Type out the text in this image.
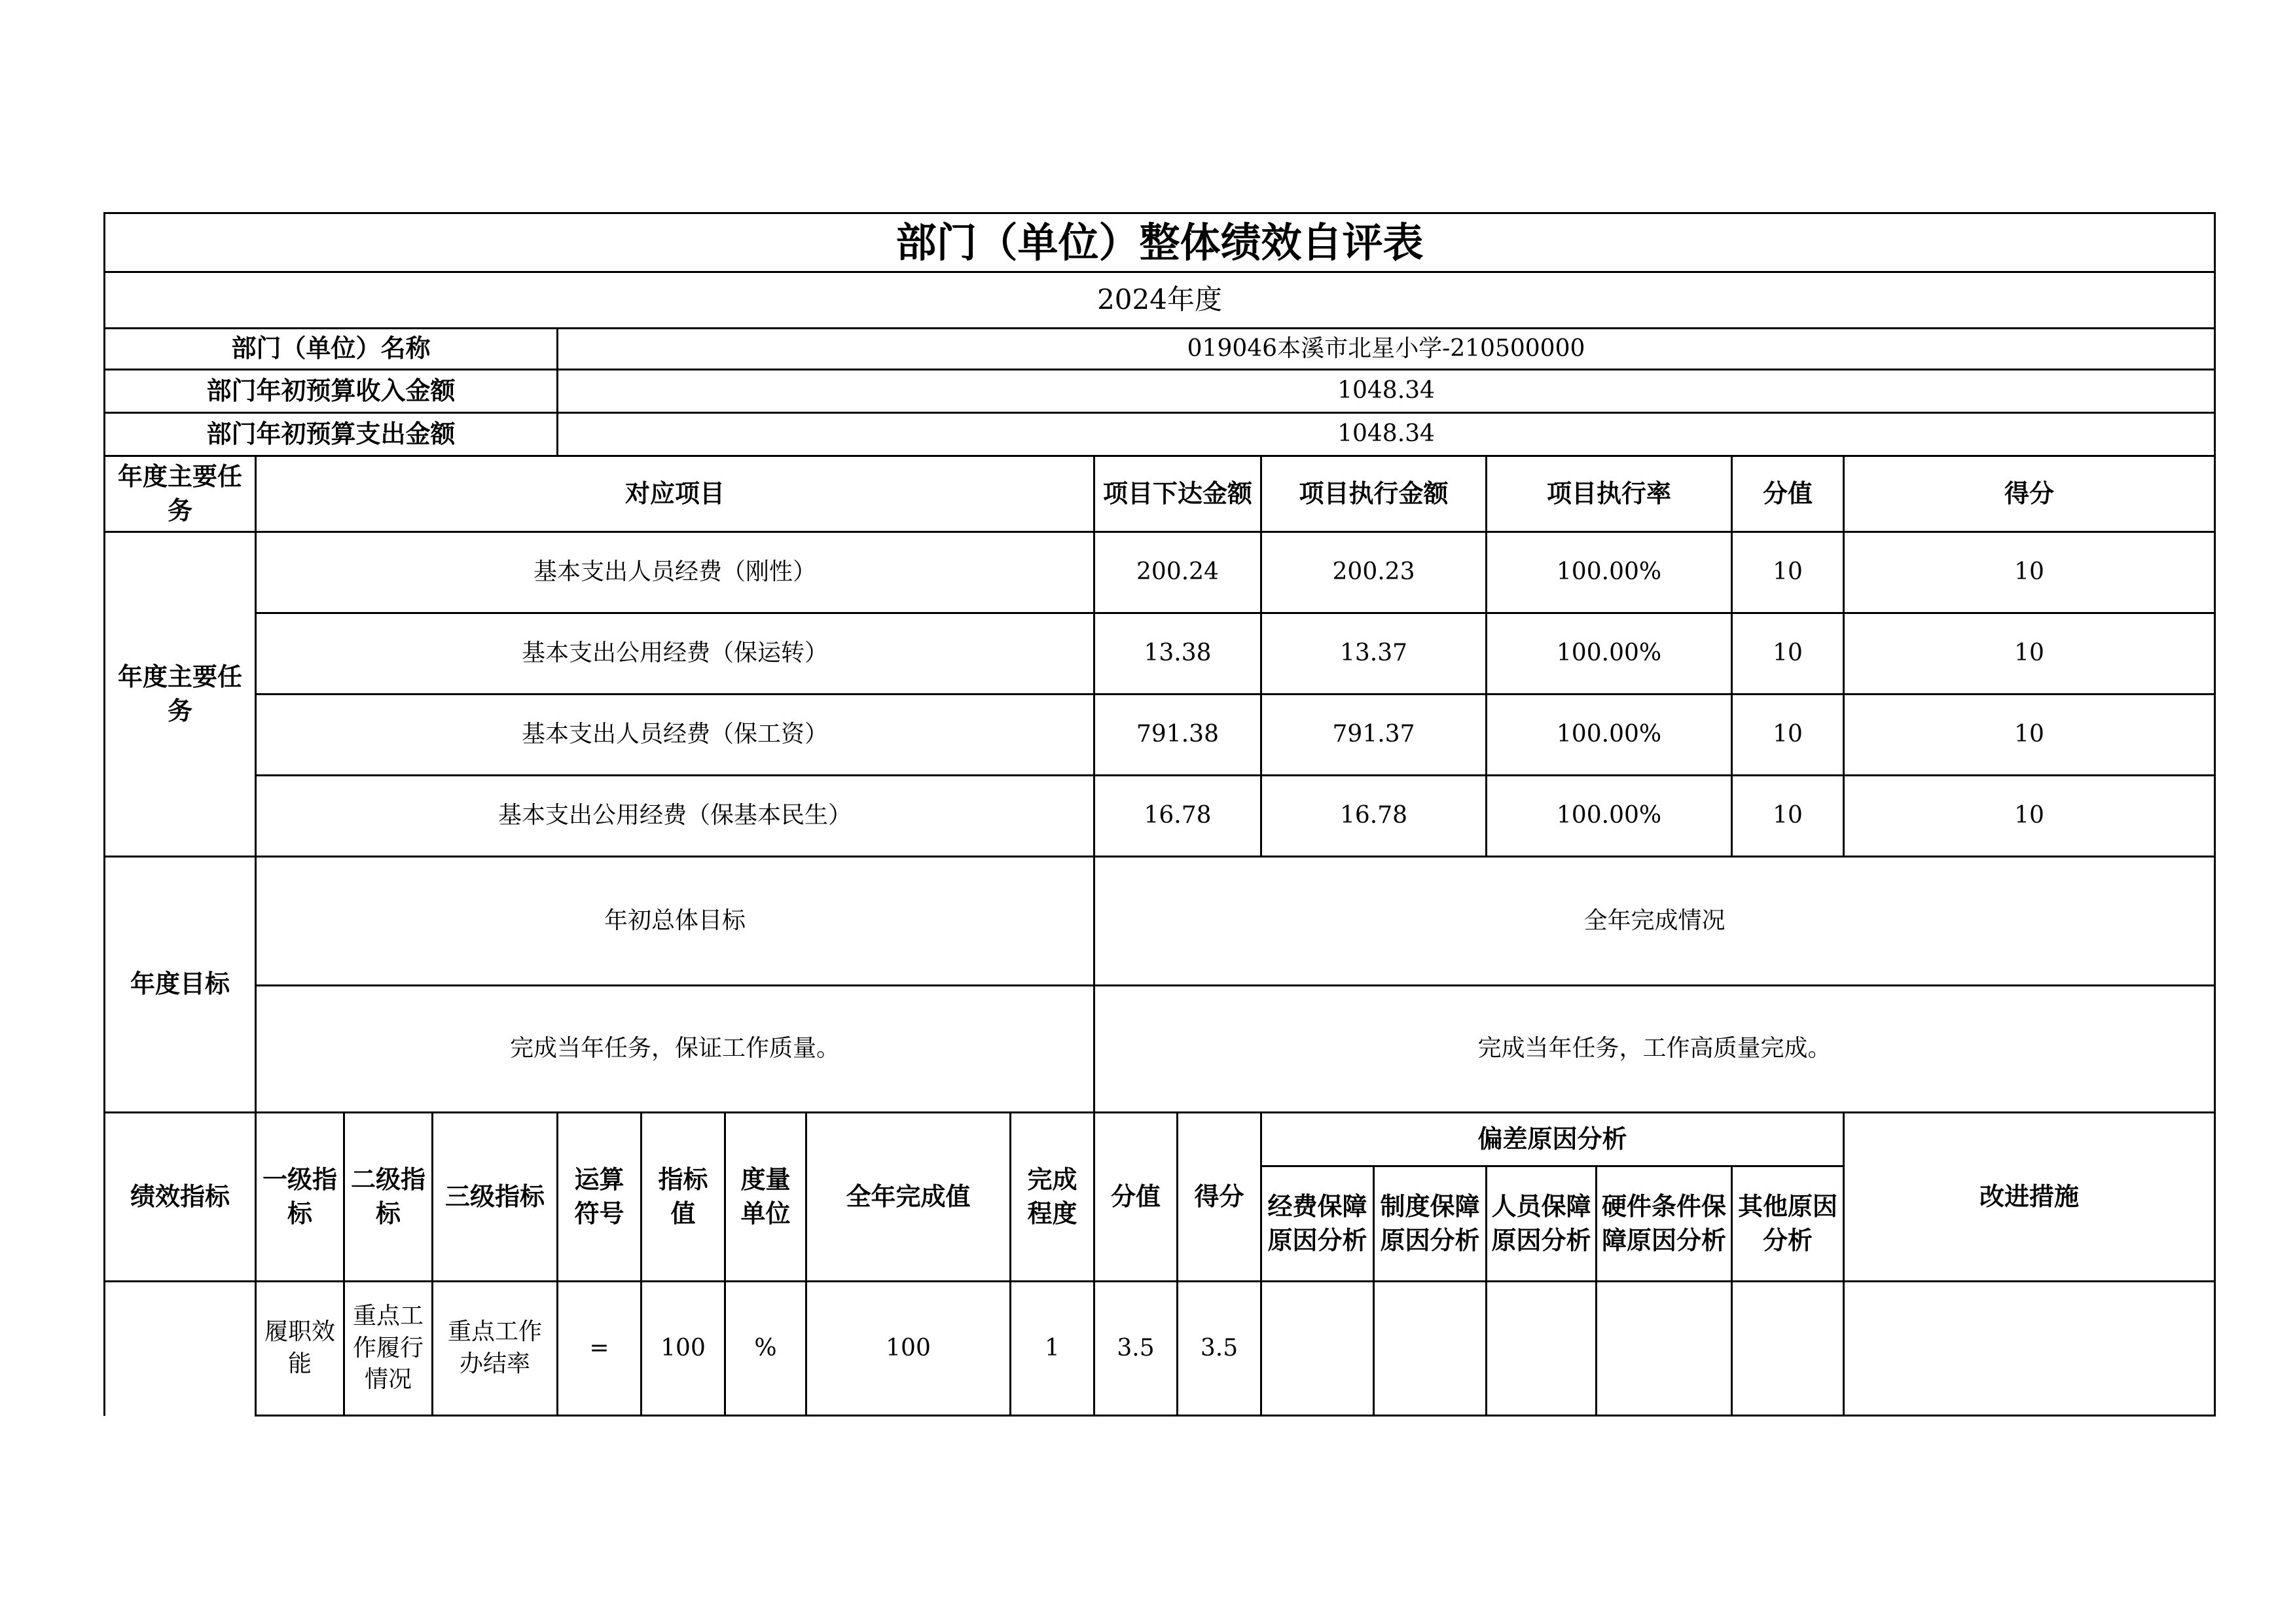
部门（单位）整体绩效自评表																
2024年度																
部门（单位）名称				019046本溪市北星小学-210500000												
部门年初预算收入金额				1048.34												
部门年初预算支出金额				1048.34												
年度主要任务	对应项目								项目下达金额		项目执行金额		项目执行率		分值	得分
年度主要任务	基本支出人员经费（刚性）								200.24		200.23		100.00%		10	10
	基本支出公用经费（保运转）								13.38		13.37		100.00%		10	10
	基本支出人员经费（保工资）								791.38		791.37		100.00%		10	10
	基本支出公用经费（保基本民生）								16.78		16.78		100.00%		10	10
年度目标	年初总体目标								全年完成情况							
	完成当年任务，保证工作质量。								完成当年任务，工作高质量完成。							
绩效指标	一级指标	二级指标	三级指标	运算符号	指标值	度量单位	全年完成值	完成程度	分值	得分	偏差原因分析					改进措施
											经费保障原因分析	制度保障原因分析	人员保障原因分析	硬件条件保障原因分析	其他原因分析	
	履职效能	重点工作履行情况	重点工作办结率	=	100	%	100	1	3.5	3.5						
